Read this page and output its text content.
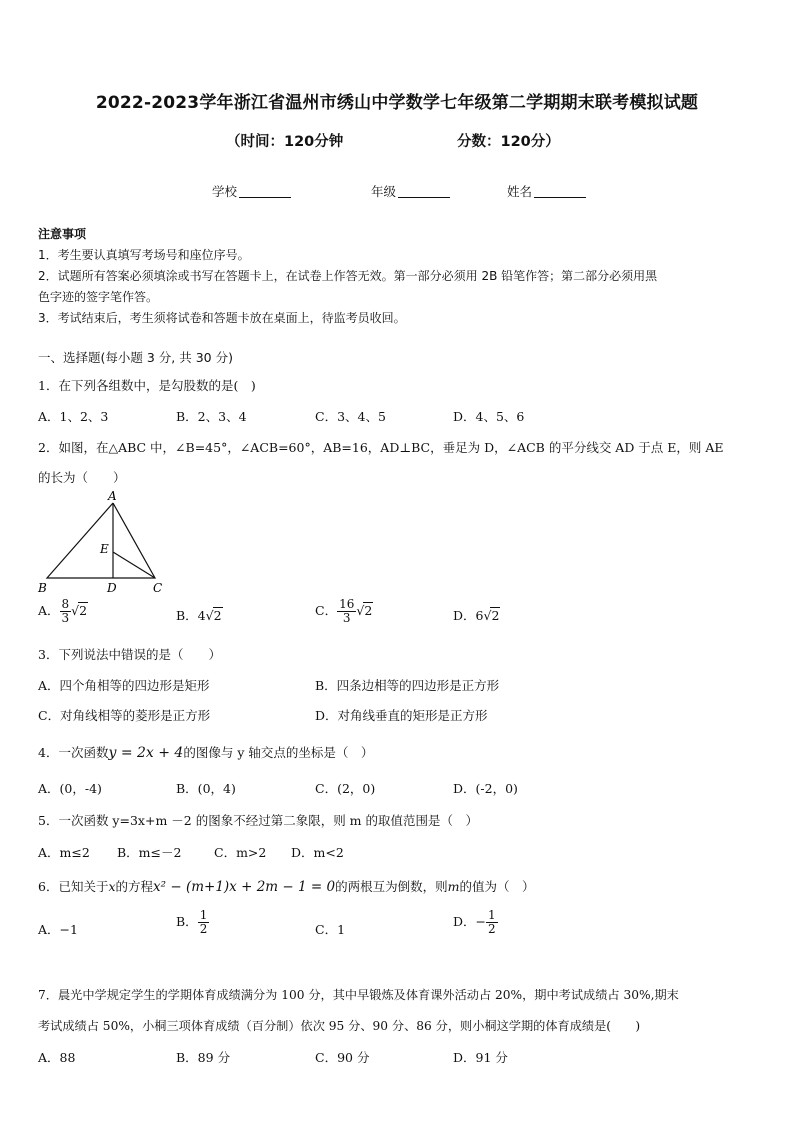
2022-2023学年浙江省温州市绣山中学数学七年级第二学期期末联考模拟试题
（时间：120分钟	分数：120分）
学校	年级	姓名
注意事项
1．考生要认真填写考场号和座位序号。
2．试题所有答案必须填涂或书写在答题卡上，在试卷上作答无效。第一部分必须用 2B 铅笔作答；第二部分必须用黑
色字迹的签字笔作答。
3．考试结束后，考生须将试卷和答题卡放在桌面上，待监考员收回。
一、选择题(每小题 3 分, 共 30 分)
1．在下列各组数中，是勾股数的是(　)
A．1、2、3	B．2、3、4	C．3、4、5	D．4、5、6
2．如图，在△ABC 中，∠B=45°，∠ACB=60°，AB=16，AD⊥BC，垂足为 D，∠ACB 的平分线交 AD 于点 E，则 AE
的长为（　　）
A
E
B	D	C
A． $\frac{8}{3} √2$	B．4√2	C． $\frac{16}{3} √2$	D．6√2
3．下列说法中错误的是（　　）
A．四个角相等的四边形是矩形	B．四条边相等的四边形是正方形
C．对角线相等的菱形是正方形	D．对角线垂直的矩形是正方形
4．一次函数y = 2x + 4的图像与 y 轴交点的坐标是（　）
A．(0，-4)	B．(0，4)	C．(2，0)	D．(-2，0)
5．一次函数 y=3x+m －2 的图象不经过第二象限，则 m 的取值范围是（　）
A．m≤2 B．m≤－2	C．m>2 D．m<2
6．已知关于x的方程x² − (m+1)x + 2m − 1 = 0的两根互为倒数，则m的值为（　）
A．−1
B． $\frac{1}{2}$	C．1
D．− $\frac{1}{2}$
7．晨光中学规定学生的学期体育成绩满分为 100 分，其中早锻炼及体育课外活动占 20%，期中考试成绩占 30%,期末
考试成绩占 50%，小桐三项体育成绩（百分制）依次 95 分、90 分、86 分，则小桐这学期的体育成绩是(　　)
A．88	B．89 分	C．90 分	D．91 分
